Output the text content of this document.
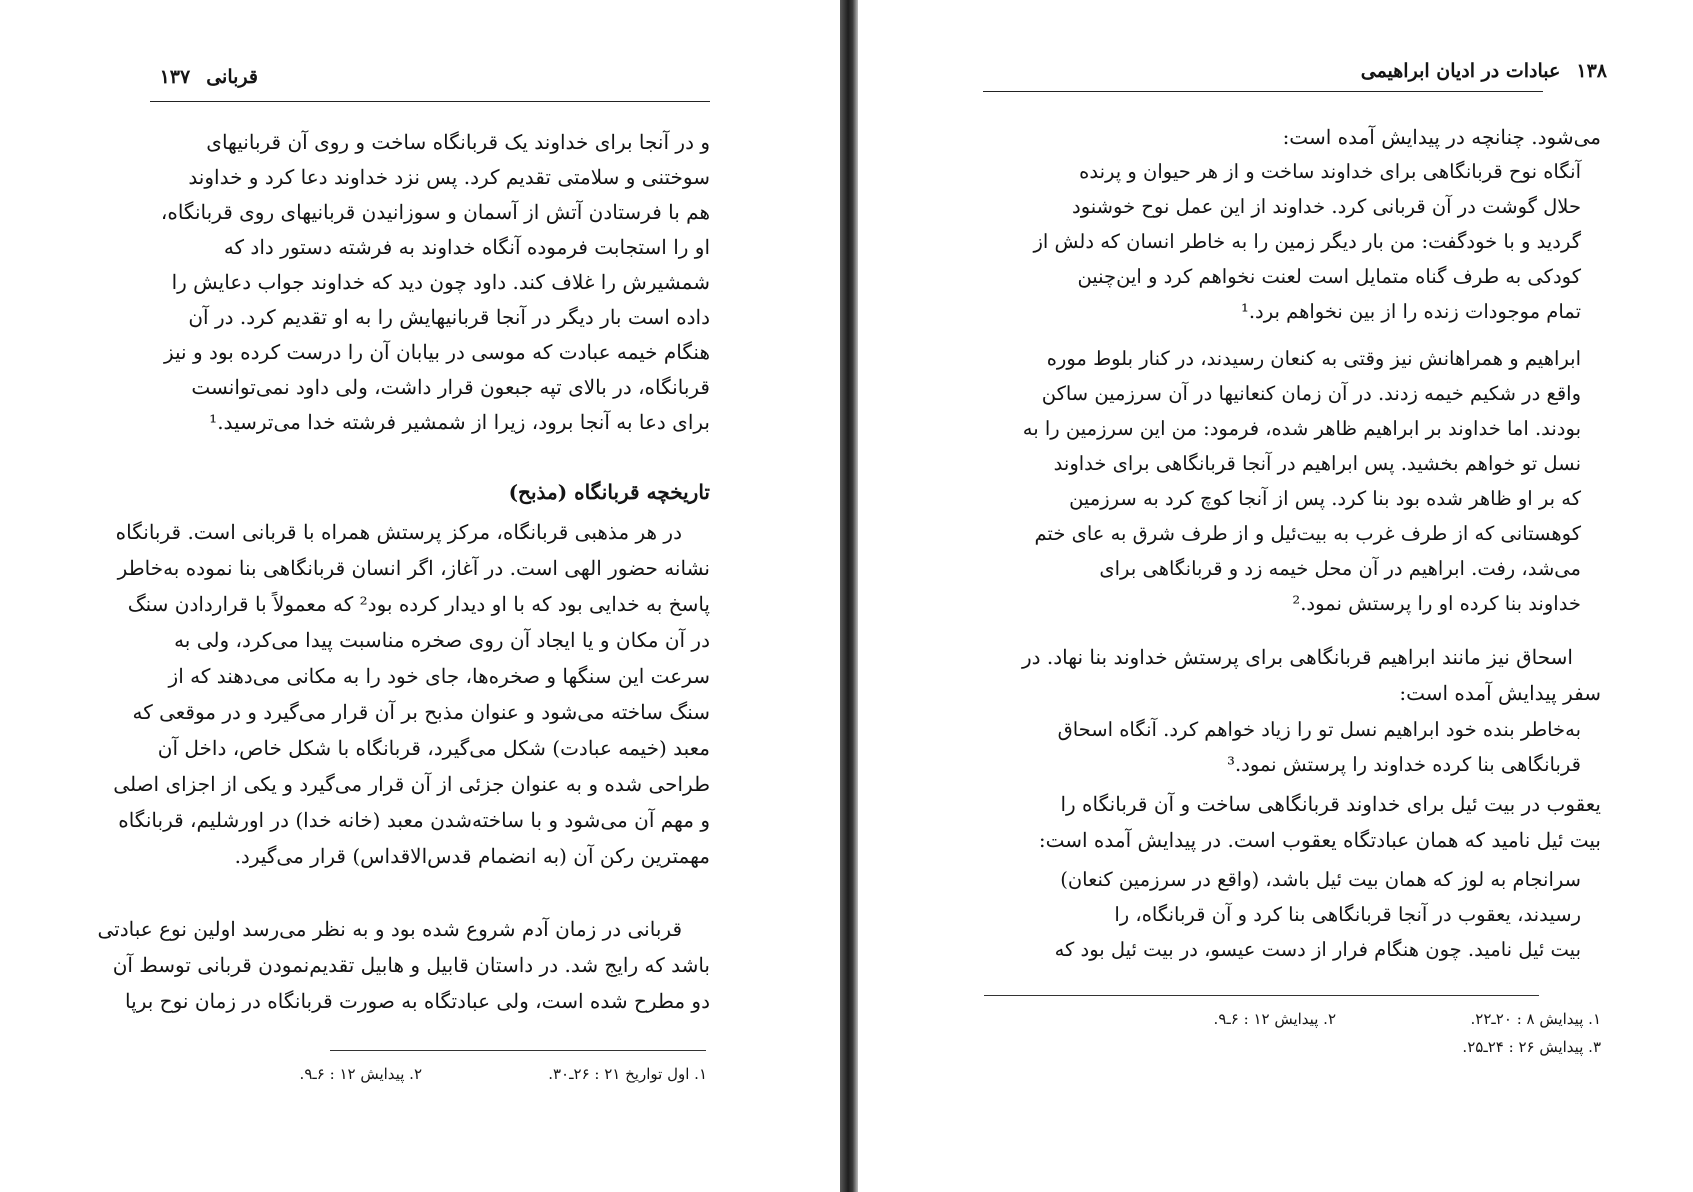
قربانی
۱۳۷
و در آنجا برای خداوند یک قربانگاه ساخت و روی آن قربانیهای
سوختنی و سلامتی تقدیم کرد. پس نزد خداوند دعا کرد و خداوند
هم با فرستادن آتش از آسمان و سوزانیدن قربانیهای روی قربانگاه،
او را استجابت فرموده آنگاه خداوند به فرشته دستور داد که
شمشیرش را غلاف کند. داود چون دید که خداوند جواب دعایش را
داده است بار دیگر در آنجا قربانیهایش را به او تقدیم کرد. در آن
هنگام خیمه عبادت که موسی در بیابان آن را درست کرده بود و نیز
قربانگاه، در بالای تپه جبعون قرار داشت، ولی داود نمی‌توانست
برای دعا به آنجا برود، زیرا از شمشیر فرشته خدا می‌ترسید.¹
تاریخچه قربانگاه (مذبح)
در هر مذهبی قربانگاه، مرکز پرستش همراه با قربانی است. قربانگاه
نشانه حضور الهی است. در آغاز، اگر انسان قربانگاهی بنا نموده به‌خاطر
پاسخ به خدایی بود که با او دیدار کرده بود² که معمولاً با قراردادن سنگ
در آن مکان و یا ایجاد آن روی صخره مناسبت پیدا می‌کرد، ولی به
سرعت این سنگها و صخره‌ها، جای خود را به مکانی می‌دهند که از
سنگ ساخته می‌شود و عنوان مذبح بر آن قرار می‌گیرد و در موقعی که
معبد (خیمه عبادت) شکل می‌گیرد، قربانگاه با شکل خاص، داخل آن
طراحی شده و به عنوان جزئی از آن قرار می‌گیرد و یکی از اجزای اصلی
و مهم آن می‌شود و با ساخته‌شدن معبد (خانه خدا) در اورشلیم، قربانگاه
مهمترین رکن آن (به انضمام قدس‌الاقداس) قرار می‌گیرد.
قربانی در زمان آدم شروع شده بود و به نظر می‌رسد اولین نوع عبادتی
باشد که رایج شد. در داستان قابیل و هابیل تقدیم‌نمودن قربانی توسط آن
دو مطرح شده است، ولی عبادتگاه به صورت قربانگاه در زمان نوح برپا
۱. اول تواریخ ۲۱ : ۲۶ـ۳۰.
۲. پیدایش ۱۲ : ۶ـ۹.
۱۳۸
عبادات در ادیان ابراهیمی
می‌شود. چنانچه در پیدایش آمده است:
آنگاه نوح قربانگاهی برای خداوند ساخت و از هر حیوان و پرنده
حلال گوشت در آن قربانی کرد. خداوند از این عمل نوح خوشنود
گردید و با خودگفت: من بار دیگر زمین را به خاطر انسان که دلش از
کودکی به طرف گناه متمایل است لعنت نخواهم کرد و این‌چنین
تمام موجودات زنده را از بین نخواهم برد.¹
ابراهیم و همراهانش نیز وقتی به کنعان رسیدند، در کنار بلوط موره
واقع در شکیم خیمه زدند. در آن زمان کنعانیها در آن سرزمین ساکن
بودند. اما خداوند بر ابراهیم ظاهر شده، فرمود: من این سرزمین را به
نسل تو خواهم بخشید. پس ابراهیم در آنجا قربانگاهی برای خداوند
که بر او ظاهر شده بود بنا کرد. پس از آنجا کوچ کرد به سرزمین
کوهستانی که از طرف غرب به بیت‌ئیل و از طرف شرق به عای ختم
می‌شد، رفت. ابراهیم در آن محل خیمه زد و قربانگاهی برای
خداوند بنا کرده او را پرستش نمود.²
اسحاق نیز مانند ابراهیم قربانگاهی برای پرستش خداوند بنا نهاد. در
سفر پیدایش آمده است:
به‌خاطر بنده خود ابراهیم نسل تو را زیاد خواهم کرد. آنگاه اسحاق
قربانگاهی بنا کرده خداوند را پرستش نمود.³
یعقوب در بیت ئیل برای خداوند قربانگاهی ساخت و آن قربانگاه را
بیت ئیل نامید که همان عبادتگاه یعقوب است. در پیدایش آمده است:
سرانجام به لوز که همان بیت ئیل باشد، (واقع در سرزمین کنعان)
رسیدند، یعقوب در آنجا قربانگاهی بنا کرد و آن قربانگاه، را
بیت ئیل نامید. چون هنگام فرار از دست عیسو، در بیت ئیل بود که
۱. پیدایش ۸ : ۲۰ـ۲۲.
۲. پیدایش ۱۲ : ۶ـ۹.
۳. پیدایش ۲۶ : ۲۴ـ۲۵.
